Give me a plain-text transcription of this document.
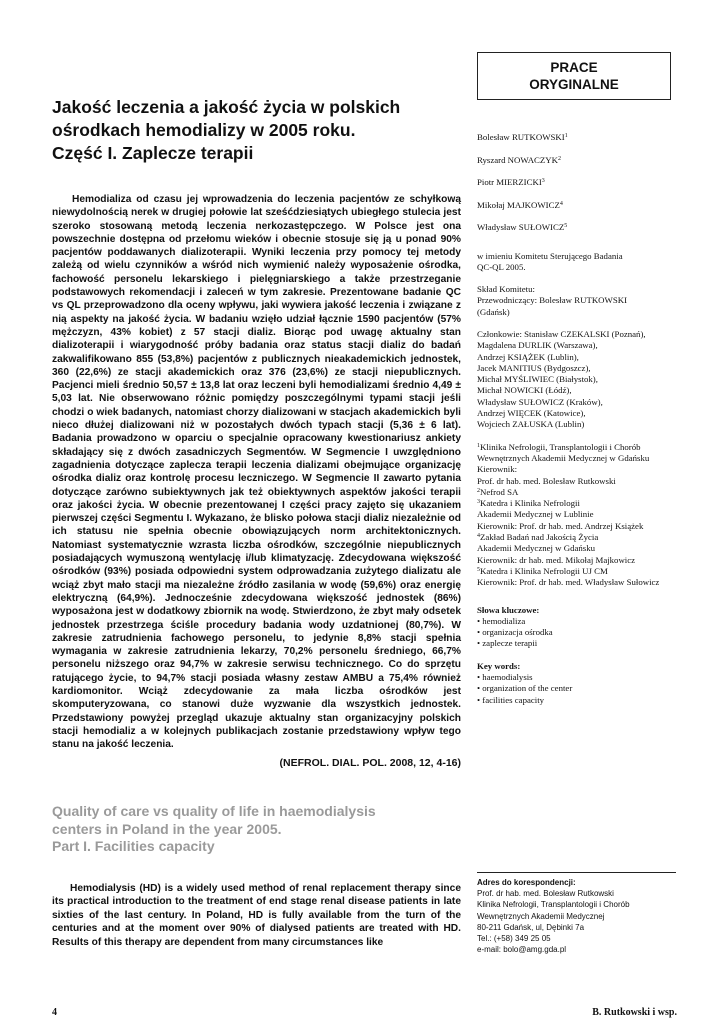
PRACE
ORYGINALNE
Jakość leczenia a jakość życia w polskich
ośrodkach hemodializy w 2005 roku.
Część I. Zaplecze terapii

Hemodializa od czasu jej wprowadzenia do leczenia pacjentów ze schyłkową niewydolnością nerek w drugiej połowie lat sześćdziesiątych ubiegłego stulecia jest szeroko stosowaną metodą leczenia nerkozastępczego. W Polsce jest ona powszechnie dostępna od przełomu wieków i obecnie stosuje się ją u ponad 90% pacjentów poddawanych dializoterapii. Wyniki leczenia przy pomocy tej metody zależą od wielu czynników a wśród nich wymienić należy wyposażenie ośrodka, fachowość personelu lekarskiego i pielęgniarskiego a także przestrzeganie podstawowych rekomendacji i zaleceń w tym zakresie. Prezentowane badanie QC vs QL przeprowadzono dla oceny wpływu, jaki wywiera jakość leczenia i związane z nią aspekty na jakość życia. W badaniu wzięło udział łącznie 1590 pacjentów (57% mężczyzn, 43% kobiet) z 57 stacji dializ. Biorąc pod uwagę aktualny stan dializoterapii i wiarygodność próby badania oraz status stacji dializ do badań zakwalifikowano 855 (53,8%) pacjentów z publicznych nieakademickich jednostek, 360 (22,6%) ze stacji akademickich oraz 376 (23,6%) ze stacji niepublicznych. Pacjenci mieli średnio 50,57 ± 13,8 lat oraz leczeni byli hemodializami średnio 4,49 ± 5,03 lat. Nie obserwowano różnic pomiędzy poszczególnymi typami stacji jeśli chodzi o wiek badanych, natomiast chorzy dializowani w stacjach akademickich byli nieco dłużej dializowani niż w pozostałych dwóch typach stacji (5,36 ± 6 lat). Badania prowadzono w oparciu o specjalnie opracowany kwestionariusz ankiety składający się z dwóch zasadniczych Segmentów. W Segmencie I uwzględniono zagadnienia dotyczące zaplecza terapii leczenia dializami obejmujące organizację ośrodka dializ oraz kontrolę procesu leczniczego. W Segmencie II zawarto pytania dotyczące zarówno subiektywnych jak też obiektywnych aspektów jakości terapii oraz jakości życia. W obecnie prezentowanej I części pracy zajęto się ukazaniem pierwszej części Segmentu I. Wykazano, że blisko połowa stacji dializ niezależnie od ich statusu nie spełnia obecnie obowiązujących norm architektonicznych. Natomiast systematycznie wzrasta liczba ośrodków, szczególnie niepublicznych posiadających wymuszoną wentylację i/lub klimatyzację. Zdecydowana większość ośrodków (93%) posiada odpowiedni system odprowadzania zużytego dializatu ale wciąż zbyt mało stacji ma niezależne źródło zasilania w wodę (59,6%) oraz energię elektryczną (64,9%). Jednocześnie zdecydowana większość jednostek (86%) wyposażona jest w dodatkowy zbiornik na wodę. Stwierdzono, że zbyt mały odsetek jednostek przestrzega ściśle procedury badania wody uzdatnionej (80,7%). W zakresie zatrudnienia fachowego personelu, to jedynie 8,8% stacji spełnia wymagania w zakresie zatrudnienia lekarzy, 70,2% personelu średniego, 66,7% personelu niższego oraz 94,7% w zakresie serwisu technicznego. Co do sprzętu ratującego życie, to 94,7% stacji posiada własny zestaw AMBU a 75,4% również kardiomonitor. Wciąż zdecydowanie za mała liczba ośrodków jest skomputeryzowana, co stanowi duże wyzwanie dla wszystkich jednostek. Przedstawiony powyżej przegląd ukazuje aktualny stan organizacyjny polskich stacji hemodializ a w kolejnych publikacjach zostanie przedstawiony wpływ tego stanu na jakość leczenia.

(NEFROL. DIAL. POL. 2008, 12, 4-16)
Quality of care vs quality of life in haemodialysis
centers in Poland in the year 2005.
Part I. Facilities capacity

Hemodialysis (HD) is a widely used method of renal replacement therapy since its practical introduction to the treatment of end stage renal disease patients in late sixties of the last century. In Poland, HD is fully available from the turn of the centuries and at the moment over 90% of dialysed patients are treated with HD. Results of this therapy are dependent from many circumstances like

Bolesław RUTKOWSKI$^1$
Ryszard NOWACZYK$^2$
Piotr MIERZICKI$^3$
Mikołaj MAJKOWICZ$^4$
Władysław SUŁOWICZ$^5$
w imieniu Komitetu Sterującego Badania
QC-QL 2005.
Skład Komitetu:
Przewodniczący: Bolesław RUTKOWSKI
(Gdańsk)
Członkowie: Stanisław CZEKALSKI (Poznań),
Magdalena DURLIK (Warszawa),
Andrzej KSIĄŻEK (Lublin),
Jacek MANITIUS (Bydgoszcz),
Michał MYŚLIWIEC (Białystok),
Michał NOWICKI (Łódź),
Władysław SUŁOWICZ (Kraków),
Andrzej WIĘCEK (Katowice),
Wojciech ZAŁUSKA (Lublin)
$^1$Klinika Nefrologii, Transplantologii i Chorób
Wewnętrznych Akademii Medycznej w Gdańsku
Kierownik:
Prof. dr hab. med. Bolesław Rutkowski
$^2$Nefrod SA
$^3$Katedra i Klinika Nefrologii
Akademii Medycznej w Lublinie
Kierownik: Prof. dr hab. med. Andrzej Książek
$^4$Zakład Badań nad Jakością Życia
Akademii Medycznej w Gdańsku
Kierownik: dr hab. med. Mikołaj Majkowicz
$^5$Katedra i Klinika Nefrologii UJ CM
Kierownik: Prof. dr hab. med. Władysław Sułowicz
Słowa kluczowe:
• hemodializa
• organizacja ośrodka
• zaplecze terapii
Key words:
• haemodialysis
• organization of the center
• facilities capacity
Adres do korespondencji:
Prof. dr hab. med. Bolesław Rutkowski
Klinika Nefrologii, Transplantologii i Chorób
Wewnętrznych Akademii Medycznej
80-211 Gdańsk, ul, Dębinki 7a
Tel.: (+58) 349 25 05
e-mail: bolo@amg.gda.pl
4	B. Rutkowski i wsp.
